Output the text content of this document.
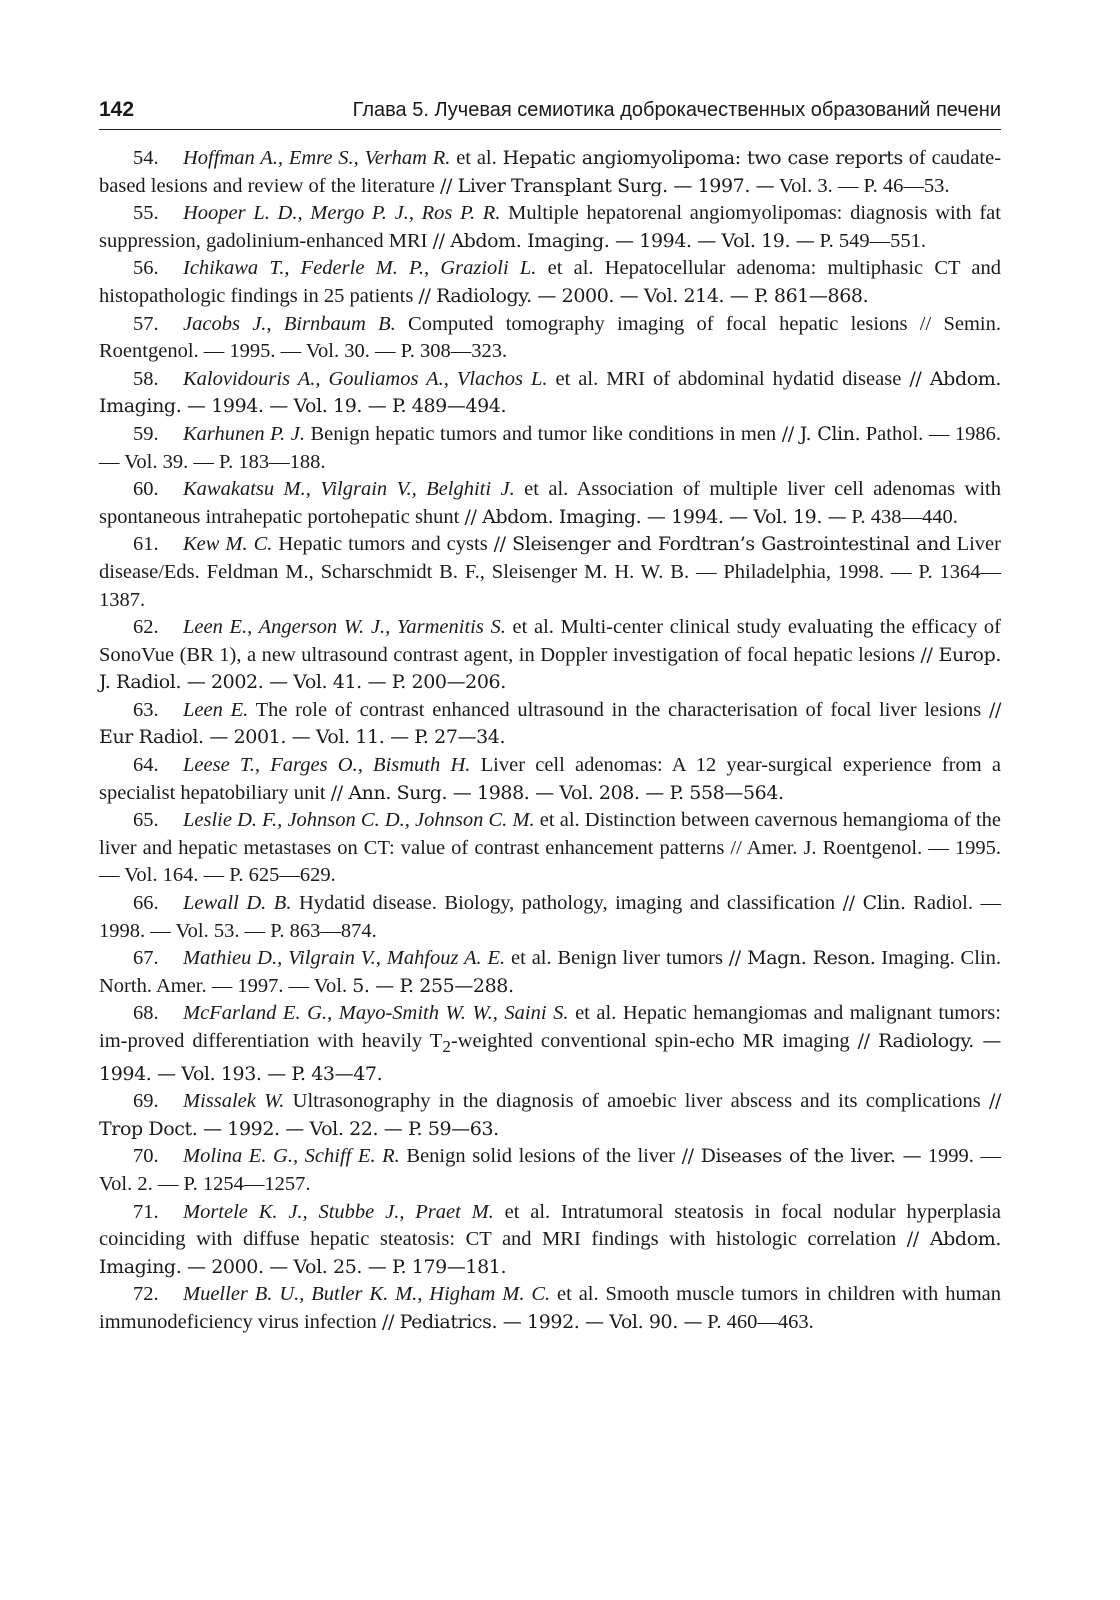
142	Глава 5. Лучевая семиотика доброкачественных образований печени

54. Hoffman A., Emre S., Verham R. et al. Hepatic angiomyolipoma: two case reports of caudate-based lesions and review of the literature // Liver Transplant Surg. — 1997. — Vol. 3. — P. 46—53.

55. Hooper L. D., Mergo P. J., Ros P. R. Multiple hepatorenal angiomyolipomas: diagnosis with fat suppression, gadolinium-enhanced MRI // Abdom. Imaging. — 1994. — Vol. 19. — P. 549—551.

56. Ichikawa T., Federle M. P., Grazioli L. et al. Hepatocellular adenoma: multiphasic CT and histopathologic findings in 25 patients // Radiology. — 2000. — Vol. 214. — P. 861—868.

57. Jacobs J., Birnbaum B. Computed tomography imaging of focal hepatic lesions // Semin. Roentgenol. — 1995. — Vol. 30. — P. 308—323.

58. Kalovidouris A., Gouliamos A., Vlachos L. et al. MRI of abdominal hydatid disease // Abdom. Imaging. — 1994. — Vol. 19. — P. 489—494.

59. Karhunen P. J. Benign hepatic tumors and tumor like conditions in men // J. Clin. Pathol. — 1986. — Vol. 39. — P. 183—188.

60. Kawakatsu M., Vilgrain V., Belghiti J. et al. Association of multiple liver cell adenomas with spontaneous intrahepatic portohepatic shunt // Abdom. Imaging. — 1994. — Vol. 19. — P. 438—440.

61. Kew M. C. Hepatic tumors and cysts // Sleisenger and Fordtran’s Gastrointestinal and Liver disease/Eds. Feldman M., Scharschmidt B. F., Sleisenger M. H. W. B. — Philadelphia, 1998. — P. 1364—1387.

62. Leen E., Angerson W. J., Yarmenitis S. et al. Multi-center clinical study evaluating the efficacy of SonoVue (BR 1), a new ultrasound contrast agent, in Doppler investigation of focal hepatic lesions // Europ. J. Radiol. — 2002. — Vol. 41. — P. 200—206.

63. Leen E. The role of contrast enhanced ultrasound in the characterisation of focal liver lesions // Eur Radiol. — 2001. — Vol. 11. — P. 27—34.

64. Leese T., Farges O., Bismuth H. Liver cell adenomas: A 12 year-surgical experience from a specialist hepatobiliary unit // Ann. Surg. — 1988. — Vol. 208. — P. 558—564.

65. Leslie D. F., Johnson C. D., Johnson C. M. et al. Distinction between cavernous hemangioma of the liver and hepatic metastases on CT: value of contrast enhancement patterns // Amer. J. Roentgenol. — 1995. — Vol. 164. — P. 625—629.

66. Lewall D. B. Hydatid disease. Biology, pathology, imaging and classification // Clin. Radiol. — 1998. — Vol. 53. — P. 863—874.

67. Mathieu D., Vilgrain V., Mahfouz A. E. et al. Benign liver tumors // Magn. Reson. Imaging. Clin. North. Amer. — 1997. — Vol. 5. — P. 255—288.

68. McFarland E. G., Mayo-Smith W. W., Saini S. et al. Hepatic hemangiomas and malignant tumors: im-proved differentiation with heavily $T_2$-weighted conventional spin-echo MR imaging // Radiology. — 1994. — Vol. 193. — P. 43—47.

69. Missalek W. Ultrasonography in the diagnosis of amoebic liver abscess and its complications // Trop Doct. — 1992. — Vol. 22. — P. 59—63.

70. Molina E. G., Schiff E. R. Benign solid lesions of the liver // Diseases of the liver. — 1999. — Vol. 2. — P. 1254—1257.

71. Mortele K. J., Stubbe J., Praet M. et al. Intratumoral steatosis in focal nodular hyperplasia coinciding with diffuse hepatic steatosis: CT and MRI findings with histologic correlation // Abdom. Imaging. — 2000. — Vol. 25. — P. 179—181.

72. Mueller B. U., Butler K. M., Higham M. C. et al. Smooth muscle tumors in children with human immunodeficiency virus infection // Pediatrics. — 1992. — Vol. 90. — P. 460—463.
